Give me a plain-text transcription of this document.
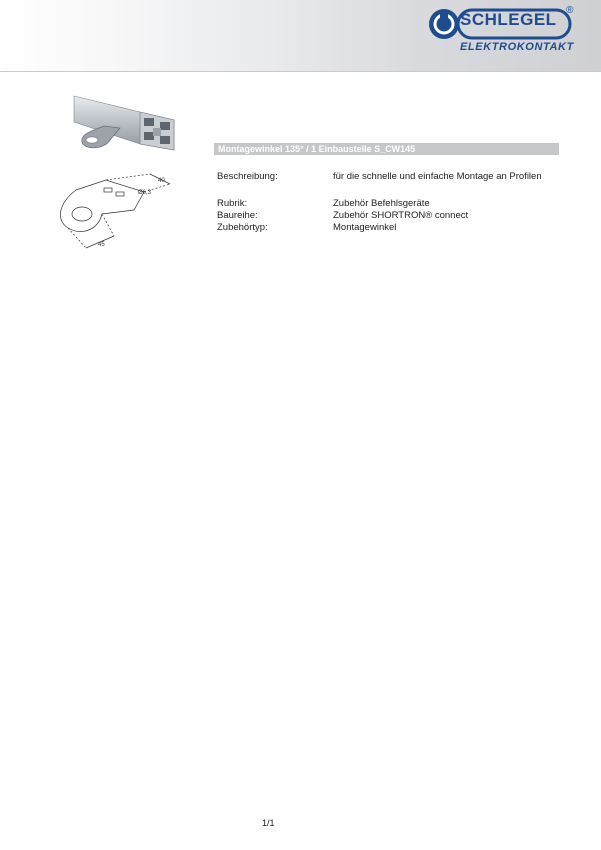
SCHLEGEL ®
ELEKTROKONTAKT
40
Ø6,3
45
Montagewinkel 135° / 1 Einbaustelle S_CW145
Beschreibung:	für die schnelle und einfache Montage an Profilen
Rubrik:	Zubehör Befehlsgeräte
Baureihe:	Zubehör SHORTRON® connect
Zubehörtyp:	Montagewinkel
1/1
